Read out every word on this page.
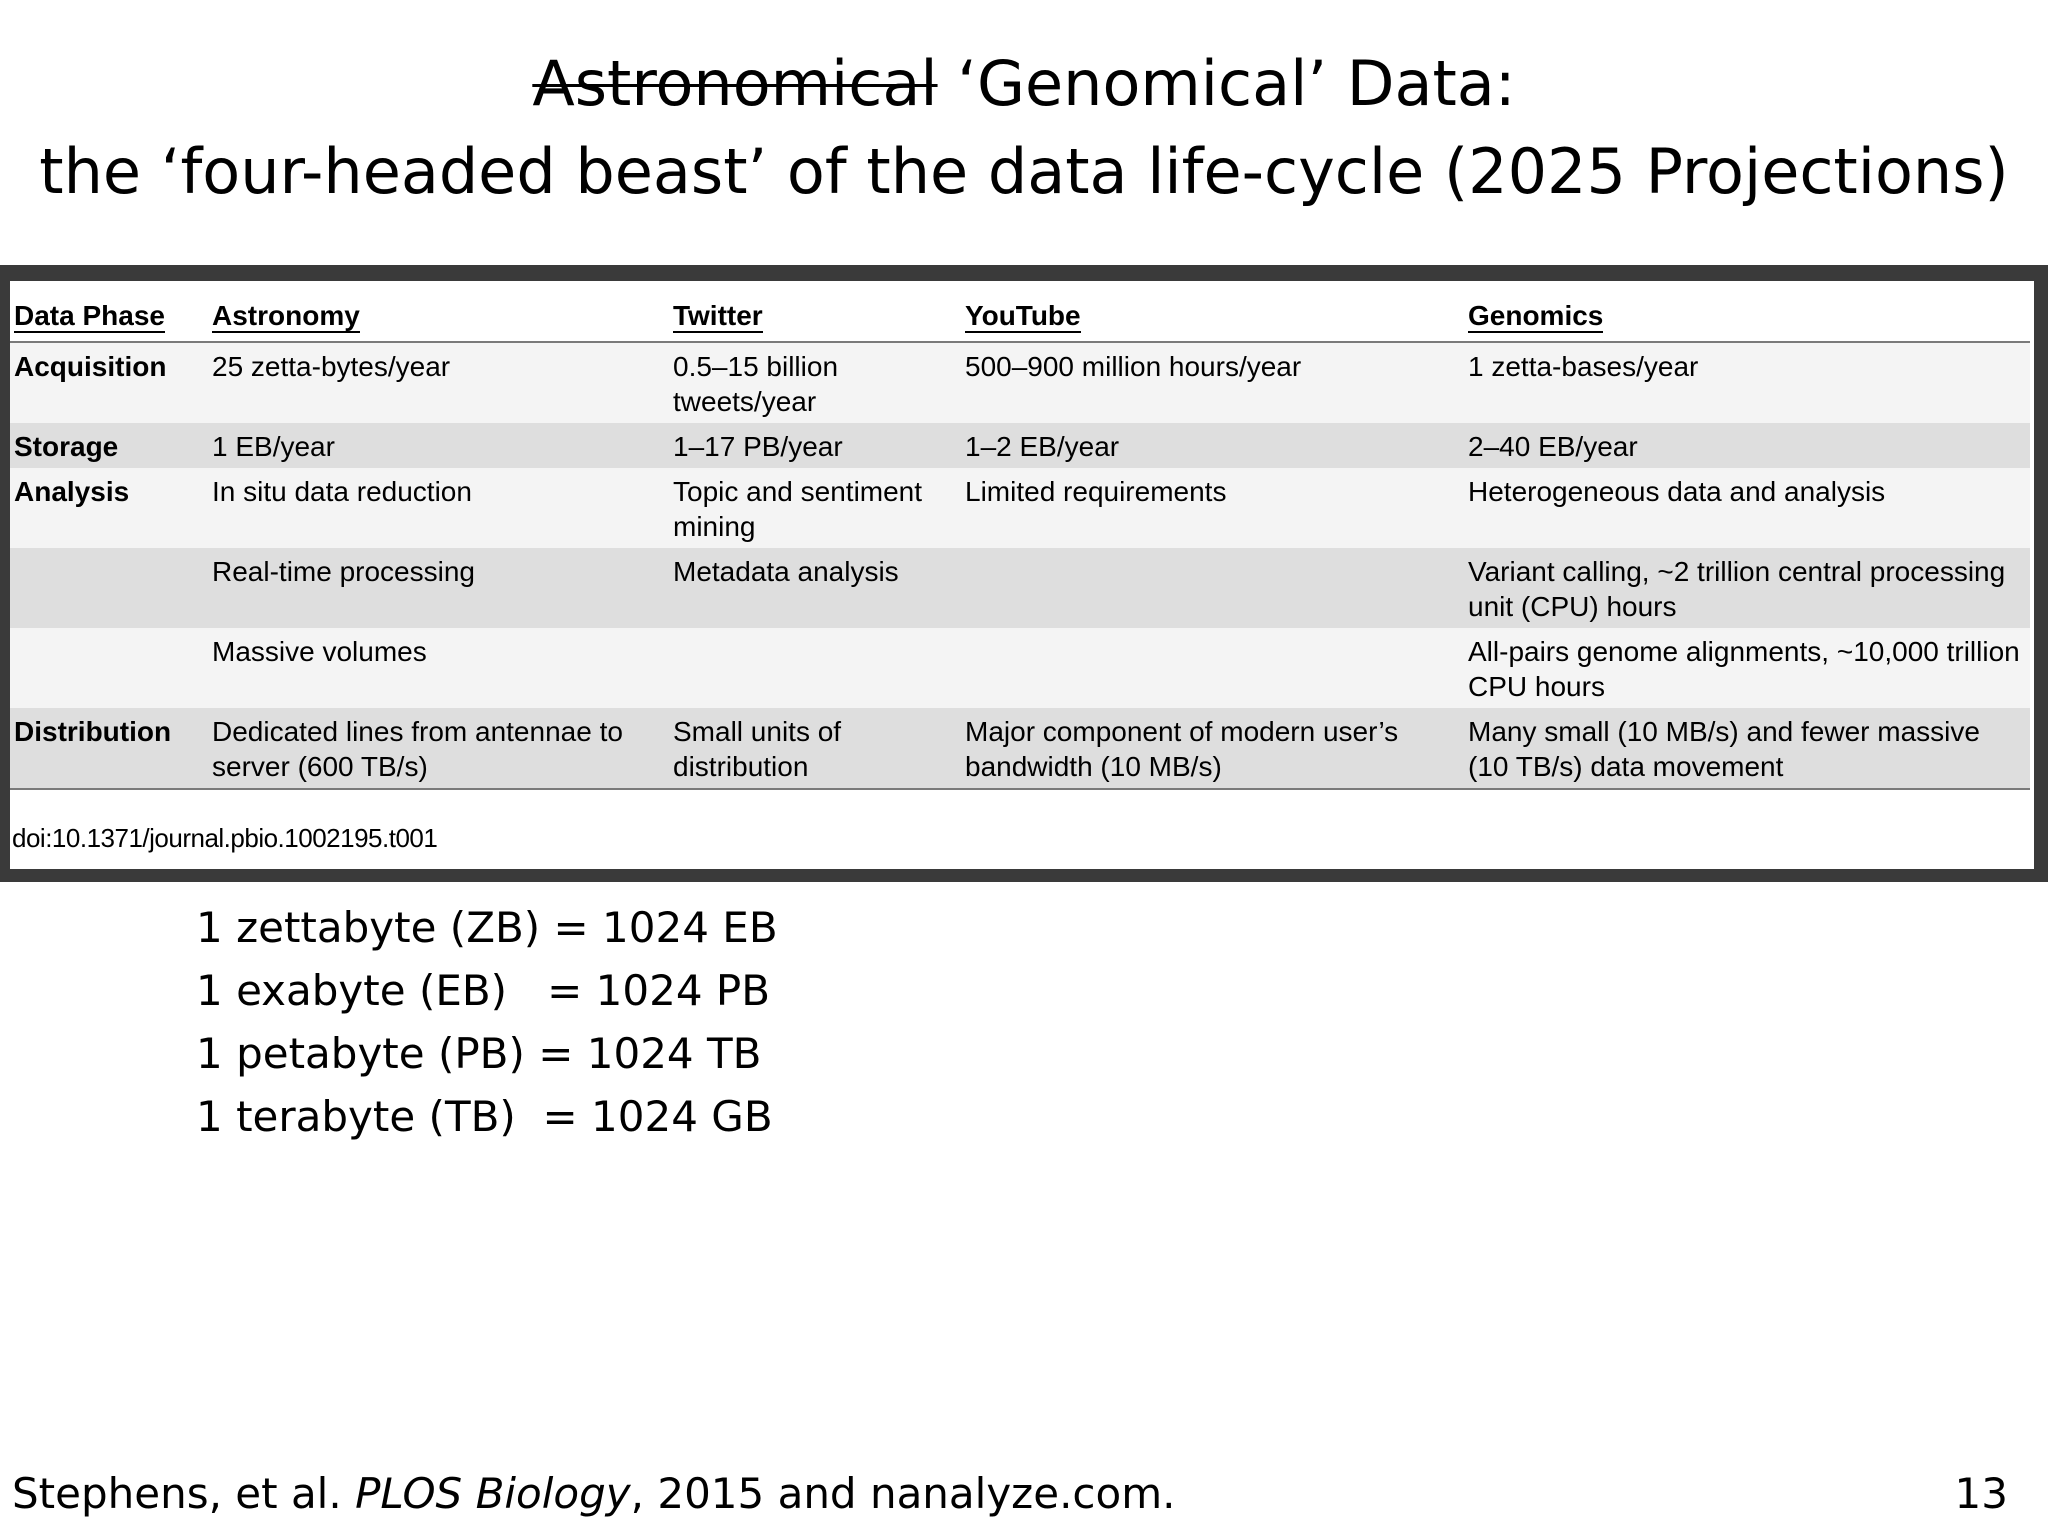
Astronomical ‘Genomical’ Data:
the ‘four-headed beast’ of the data life-cycle (2025 Projections)
Data Phase	Astronomy	Twitter	YouTube	Genomics
Acquisition	25 zetta-bytes/year	0.5–15 billion tweets/year	500–900 million hours/year	1 zetta-bases/year
Storage	1 EB/year	1–17 PB/year	1–2 EB/year	2–40 EB/year
Analysis	In situ data reduction	Topic and sentiment mining	Limited requirements	Heterogeneous data and analysis
	Real-time processing	Metadata analysis		Variant calling, ~2 trillion central processing unit (CPU) hours
	Massive volumes			All-pairs genome alignments, ~10,000 trillion CPU hours
Distribution	Dedicated lines from antennae to server (600 TB/s)	Small units of distribution	Major component of modern user’s bandwidth (10 MB/s)	Many small (10 MB/s) and fewer massive (10 TB/s) data movement
doi:10.1371/journal.pbio.1002195.t001
1 zettabyte (ZB) = 1024 EB
1 exabyte (EB)   = 1024 PB
1 petabyte (PB) = 1024 TB
1 terabyte (TB)  = 1024 GB
Stephens, et al. PLOS Biology, 2015 and nanalyze.com.	13
